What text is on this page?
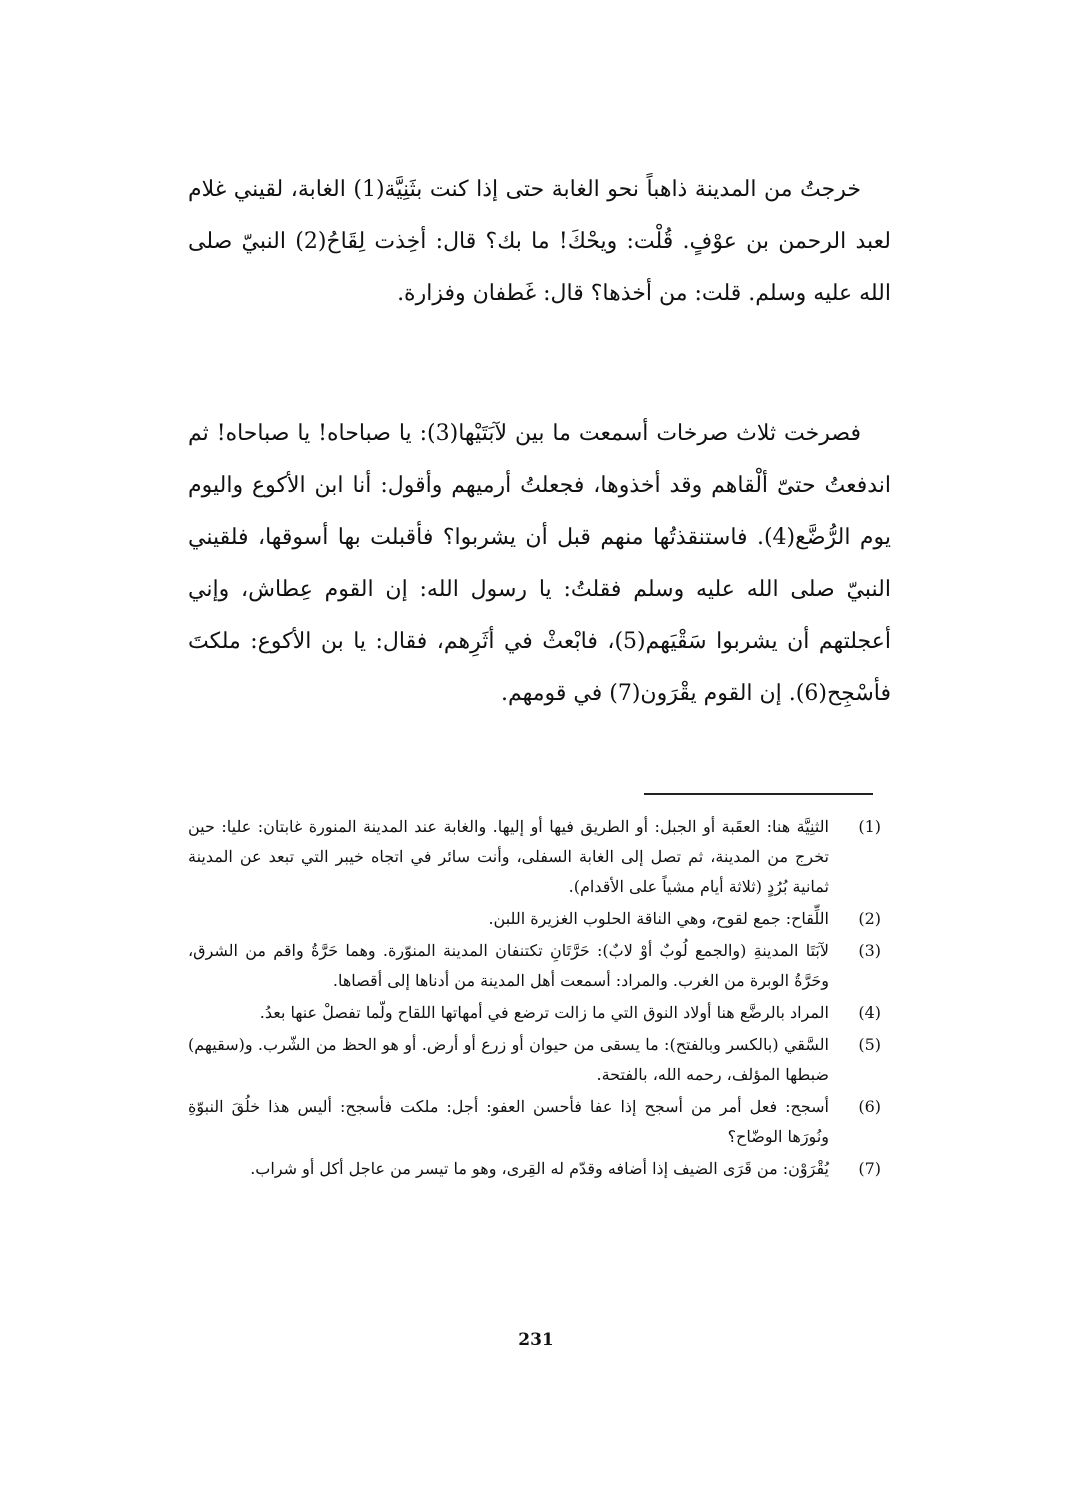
خرجتُ من المدينة ذاهباً نحو الغابة حتى إذا كنت بثَنِيَّة(1) الغابة، لقيني غلام لعبد الرحمن بن عوْفٍ. قُلْت: ويحْكَ! ما بك؟ قال: أخِذت لِقَاحُ(2) النبيّ صلى الله عليه وسلم. قلت: من أخذها؟ قال: غَطفان وفزارة.

فصرخت ثلاث صرخات أسمعت ما بين لآبَتَيْها(3): يا صباحاه! يا صباحاه! ثم اندفعتُ حتىّ ألْقاهم وقد أخذوها، فجعلتُ أرميهم وأقول: أنا ابن الأكوع واليوم يوم الرُّضَّع(4). فاستنقذتُها منهم قبل أن يشربوا؟ فأقبلت بها أسوقها، فلقيني النبيّ صلى الله عليه وسلم فقلتُ: يا رسول الله: إن القوم عِطاش، وإني أعجلتهم أن يشربوا سَقْيَهم(5)، فابْعثْ في أثَرِهم، فقال: يا بن الأكوع: ملكتَ فأسْجِح(6). إن القوم يقْرَون(7) في قومهم.

(1)
الثنِيَّة هنا: العقَبة أو الجبل: أو الطريق فيها أو إليها. والغابة عند المدينة المنورة غابتان: عليا: حين تخرج من المدينة، ثم تصل إلى الغابة السفلى، وأنت سائر في اتجاه خيبر التي تبعد عن المدينة ثمانية بُرُدٍ (ثلاثة أيام مشياً على الأقدام).
(2)
اللِّقاح: جمع لقوح، وهي الناقة الحلوب الغزيرة اللبن.
(3)
لآبَتَا المدينةِ (والجمع لُوبٌ أوْ لابٌ): حَرَّتَانِ تكتنفان المدينة المنوّرة. وهما حَرَّةُ واقم من الشرق، وحَرَّةُ الوبرة من الغرب. والمراد: أسمعت أهل المدينة من أدناها إلى أقصاها.
(4)
المراد بالرضَّع هنا أولاد النوق التي ما زالت ترضع في أمهاتها اللقاح ولّما تفصلْ عنها بعدُ.
(5)
السَّقي (بالكسر وبالفتح): ما يسقى من حيوان أو زرع أو أرض. أو هو الحظ من الشّرب. و(سقيهم) ضبطها المؤلف، رحمه الله، بالفتحة.
(6)
أسجح: فعل أمر من أسجح إذا عفا فأحسن العفو: أجل: ملكت فأسجح: أليس هذا خلُقَ النبوّةِ ونُورَها الوضّاح؟
(7)
يُقْرَوْن: من قَرَى الضيف إذا أضافه وقدّم له القِرى، وهو ما تيسر من عاجل أكل أو شراب.
231
